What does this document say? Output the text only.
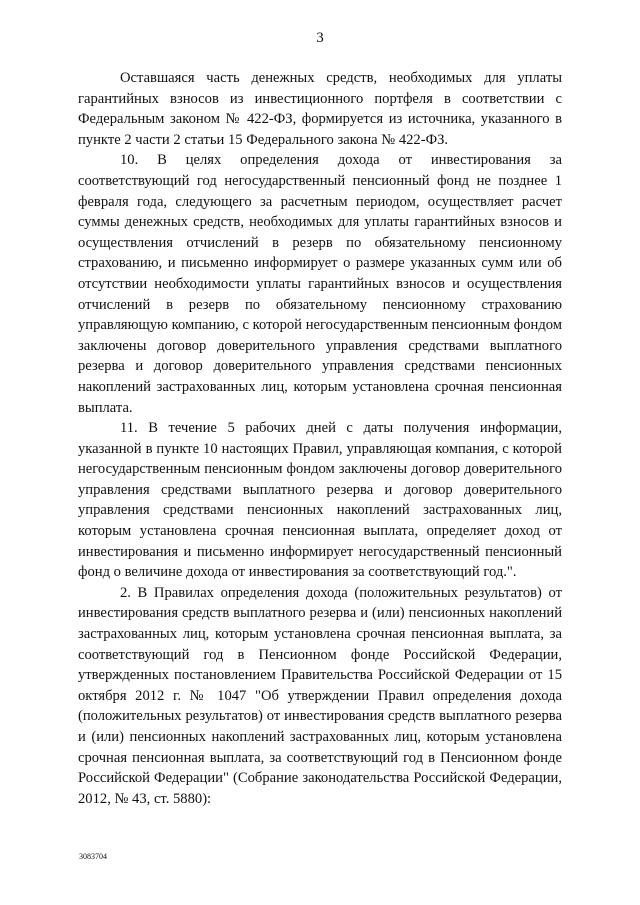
3

Оставшаяся часть денежных средств, необходимых для уплаты гарантийных взносов из инвестиционного портфеля в соответствии с Федеральным законом № 422-ФЗ, формируется из источника, указанного в пункте 2 части 2 статьи 15 Федерального закона № 422-ФЗ.

10. В целях определения дохода от инвестирования за соответствующий год негосударственный пенсионный фонд не позднее 1 февраля года, следующего за расчетным периодом, осуществляет расчет суммы денежных средств, необходимых для уплаты гарантийных взносов и осуществления отчислений в резерв по обязательному пенсионному страхованию, и письменно информирует о размере указанных сумм или об отсутствии необходимости уплаты гарантийных взносов и осуществления отчислений в резерв по обязательному пенсионному страхованию управляющую компанию, с которой негосударственным пенсионным фондом заключены договор доверительного управления средствами выплатного резерва и договор доверительного управления средствами пенсионных накоплений застрахованных лиц, которым установлена срочная пенсионная выплата.

11. В течение 5 рабочих дней с даты получения информации, указанной в пункте 10 настоящих Правил, управляющая компания, с которой негосударственным пенсионным фондом заключены договор доверительного управления средствами выплатного резерва и договор доверительного управления средствами пенсионных накоплений застрахованных лиц, которым установлена срочная пенсионная выплата, определяет доход от инвестирования и письменно информирует негосударственный пенсионный фонд о величине дохода от инвестирования за соответствующий год.".

2. В Правилах определения дохода (положительных результатов) от инвестирования средств выплатного резерва и (или) пенсионных накоплений застрахованных лиц, которым установлена срочная пенсионная выплата, за соответствующий год в Пенсионном фонде Российской Федерации, утвержденных постановлением Правительства Российской Федерации от 15 октября 2012 г. № 1047 "Об утверждении Правил определения дохода (положительных результатов) от инвестирования средств выплатного резерва и (или) пенсионных накоплений застрахованных лиц, которым установлена срочная пенсионная выплата, за соответствующий год в Пенсионном фонде Российской Федерации" (Собрание законодательства Российской Федерации, 2012, № 43, ст. 5880):

3083704
